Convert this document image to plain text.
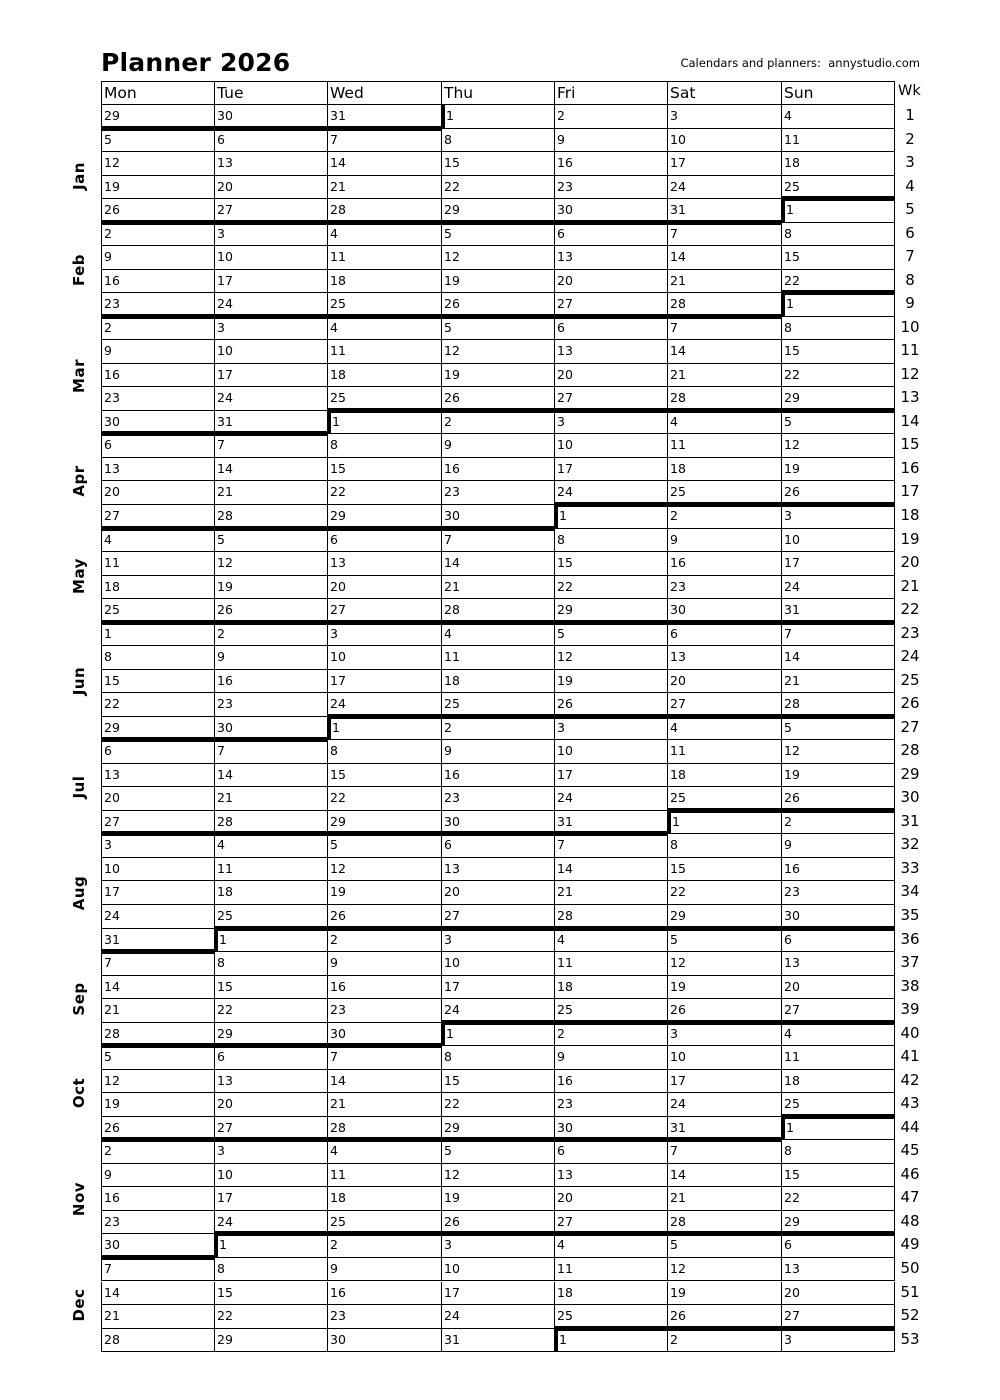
Planner 2026	Calendars and planners:  annystudio.com
Mon	Tue	Wed	Thu	Fri	Sat	Sun	Wk
29	30	31	1	2	3	4	1
5	6	7	8	9	10	11	2
12	13	14	15	16	17	18	3
19	20	21	22	23	24	25	4
26	27	28	29	30	31	1	5
2	3	4	5	6	7	8	6
9	10	11	12	13	14	15	7
16	17	18	19	20	21	22	8
23	24	25	26	27	28	1	9
2	3	4	5	6	7	8	10
9	10	11	12	13	14	15	11
16	17	18	19	20	21	22	12
23	24	25	26	27	28	29	13
30	31	1	2	3	4	5	14
6	7	8	9	10	11	12	15
13	14	15	16	17	18	19	16
20	21	22	23	24	25	26	17
27	28	29	30	1	2	3	18
4	5	6	7	8	9	10	19
11	12	13	14	15	16	17	20
18	19	20	21	22	23	24	21
25	26	27	28	29	30	31	22
1	2	3	4	5	6	7	23
8	9	10	11	12	13	14	24
15	16	17	18	19	20	21	25
22	23	24	25	26	27	28	26
29	30	1	2	3	4	5	27
6	7	8	9	10	11	12	28
13	14	15	16	17	18	19	29
20	21	22	23	24	25	26	30
27	28	29	30	31	1	2	31
3	4	5	6	7	8	9	32
10	11	12	13	14	15	16	33
17	18	19	20	21	22	23	34
24	25	26	27	28	29	30	35
31	1	2	3	4	5	6	36
7	8	9	10	11	12	13	37
14	15	16	17	18	19	20	38
21	22	23	24	25	26	27	39
28	29	30	1	2	3	4	40
5	6	7	8	9	10	11	41
12	13	14	15	16	17	18	42
19	20	21	22	23	24	25	43
26	27	28	29	30	31	1	44
2	3	4	5	6	7	8	45
9	10	11	12	13	14	15	46
16	17	18	19	20	21	22	47
23	24	25	26	27	28	29	48
30	1	2	3	4	5	6	49
7	8	9	10	11	12	13	50
14	15	16	17	18	19	20	51
21	22	23	24	25	26	27	52
28	29	30	31	1	2	3	53
Jan
Feb
Mar
Apr
May
Jun
Jul
Aug
Sep
Oct
Nov
Dec
